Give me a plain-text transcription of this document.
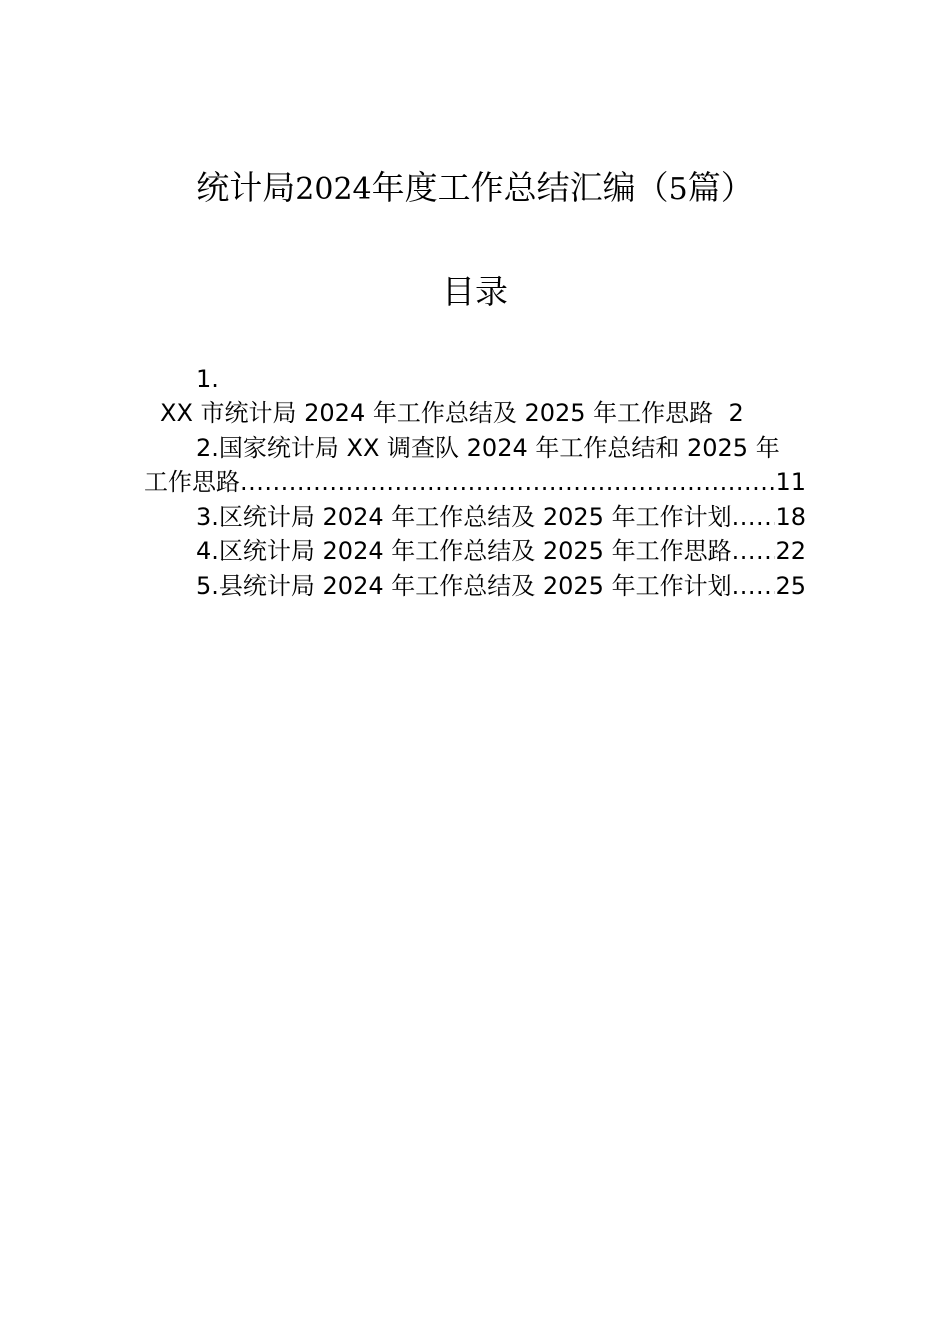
统计局2024年度工作总结汇编（5篇）
目录
1.
XX 市统计局 2024 年工作总结及 2025 年工作思路 2
2.国家统计局 XX 调查队 2024 年工作总结和 2025 年
工作思路 .....	11
3.区统计局 2024 年工作总结及 2025 年工作计划 ..... 18
4.区统计局 2024 年工作总结及 2025 年工作思路 ..... 22
5.县统计局 2024 年工作总结及 2025 年工作计划 ..... 25
